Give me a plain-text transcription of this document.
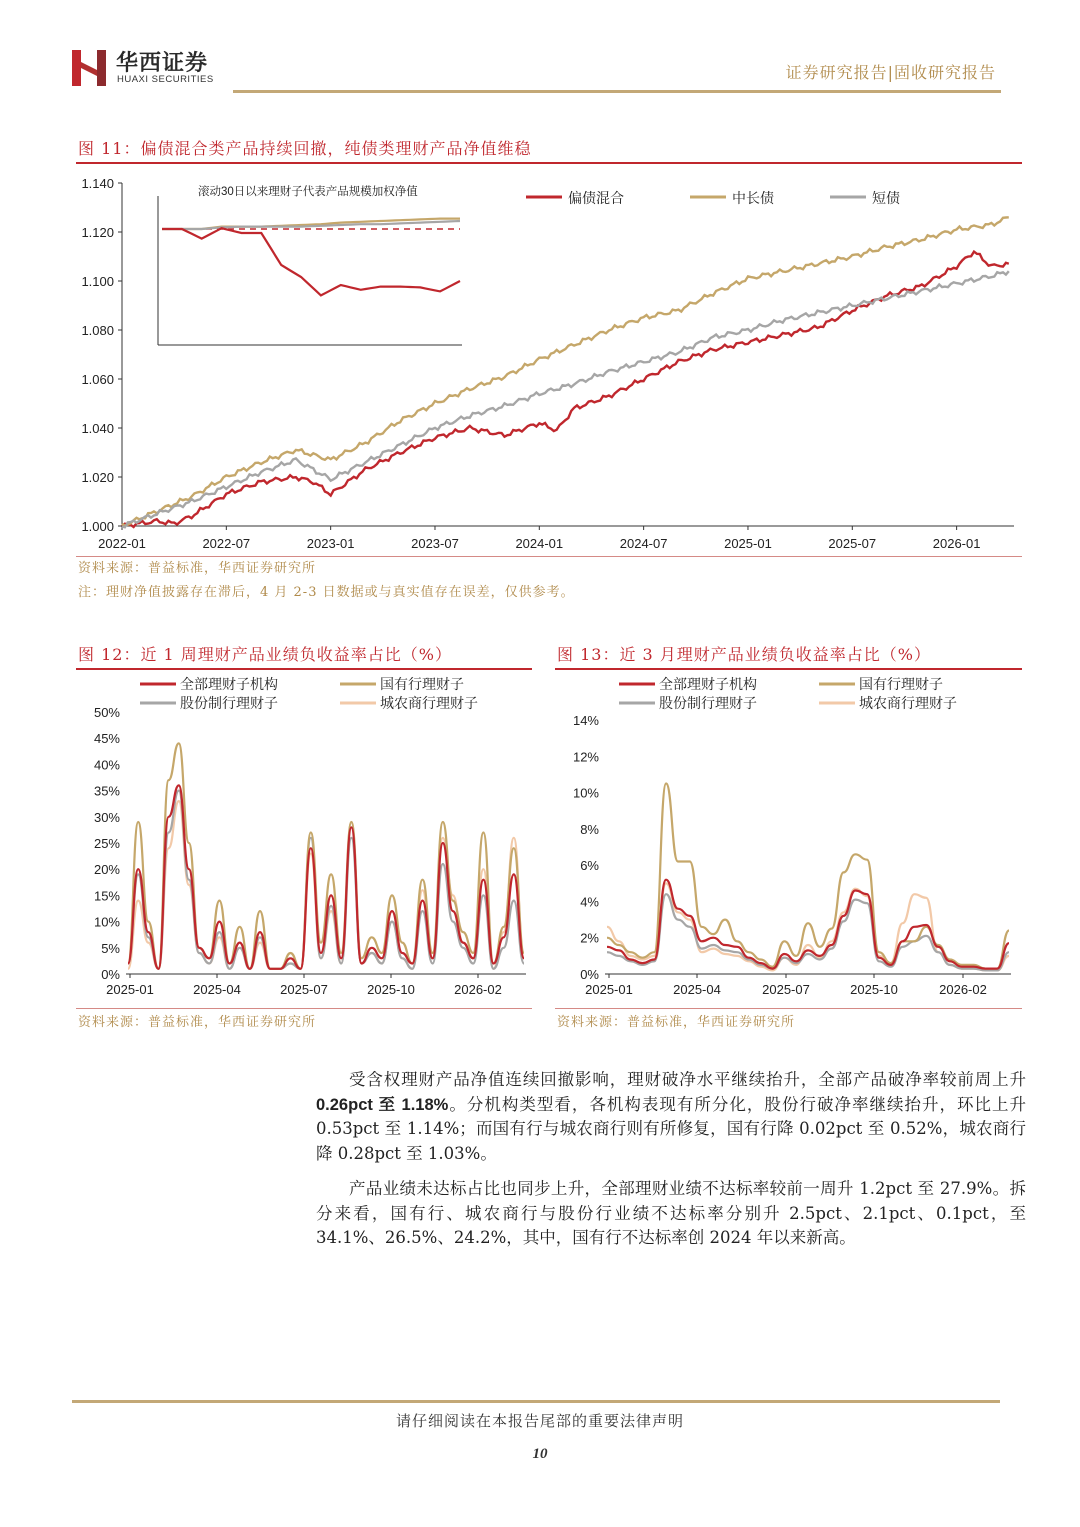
华西证券
HUAXI SECURITIES	证券研究报告|固收研究报告
图 11：偏债混合类产品持续回撤，纯债类理财产品净值维稳
1.000
1.020
1.040
1.060
1.080
1.100
1.120
1.140
2022-01	2022-07	2023-01	2023-07	2024-01	2024-07	2025-01	2025-07	2026-01
滚动30日以来理财子代表产品规模加权净值	偏债混合	中长债	短债
资料来源：普益标准，华西证券研究所
注：理财净值披露存在滞后，4 月 2-3 日数据或与真实值存在误差，仅供参考。
图 12：近 1 周理财产品业绩负收益率占比（%）
全部理财子机构	国有行理财子
股份制行理财子	城农商行理财子
0%
5%
10%
15%
20%
25%
30%
35%
40%
45%
50%
2025-01	2025-04	2025-07	2025-10	2026-02
资料来源：普益标准，华西证券研究所
图 13：近 3 月理财产品业绩负收益率占比（%）
全部理财子机构	国有行理财子
股份制行理财子	城农商行理财子
0%
2%
4%
6%
8%
10%
12%
14%
2025-01	2025-04	2025-07	2025-10	2026-02
资料来源：普益标准，华西证券研究所

受含权理财产品净值连续回撤影响，理财破净水平继续抬升，全部产品破净率较前周上升 0.26pct 至 1.18%。分机构类型看，各机构表现有所分化，股份行破净率继续抬升，环比上升 0.53pct 至 1.14%；而国有行与城农商行则有所修复，国有行降 0.02pct 至 0.52%，城农商行降 0.28pct 至 1.03%。

产品业绩未达标占比也同步上升，全部理财业绩不达标率较前一周升 1.2pct 至 27.9%。拆分来看，国有行、城农商行与股份行业绩不达标率分别升 2.5pct、2.1pct、0.1pct，至 34.1%、26.5%、24.2%，其中，国有行不达标率创 2024 年以来新高。

请仔细阅读在本报告尾部的重要法律声明
10
